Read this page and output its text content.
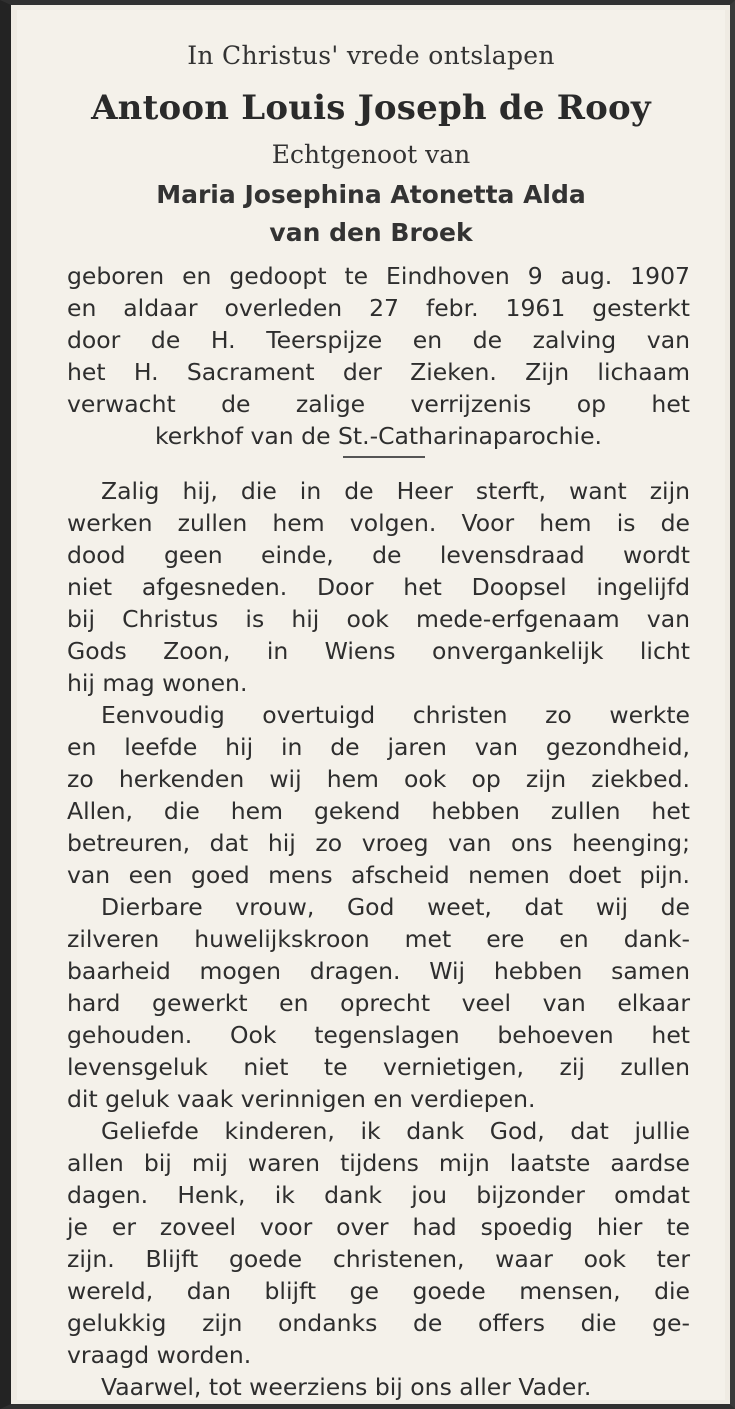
In Christus' vrede ontslapen
Antoon Louis Joseph de Rooy
Echtgenoot van
Maria Josephina Atonetta Alda
van den Broek
geboren en gedoopt te Eindhoven 9 aug. 1907
en aldaar overleden 27 febr. 1961 gesterkt
door de H. Teerspijze en de zalving van
het H. Sacrament der Zieken. Zijn lichaam
verwacht de zalige verrijzenis op het
kerkhof van de St.-Catharinaparochie.
Zalig hij, die in de Heer sterft, want zijn
werken zullen hem volgen. Voor hem is de
dood geen einde, de levensdraad wordt
niet afgesneden. Door het Doopsel ingelijfd
bij Christus is hij ook mede-erfgenaam van
Gods Zoon, in Wiens onvergankelijk licht
hij mag wonen.
Eenvoudig overtuigd christen zo werkte
en leefde hij in de jaren van gezondheid,
zo herkenden wij hem ook op zijn ziekbed.
Allen, die hem gekend hebben zullen het
betreuren, dat hij zo vroeg van ons heenging;
van een goed mens afscheid nemen doet pijn.
Dierbare vrouw, God weet, dat wij de
zilveren huwelijkskroon met ere en dank-
baarheid mogen dragen. Wij hebben samen
hard gewerkt en oprecht veel van elkaar
gehouden. Ook tegenslagen behoeven het
levensgeluk niet te vernietigen, zij zullen
dit geluk vaak verinnigen en verdiepen.
Geliefde kinderen, ik dank God, dat jullie
allen bij mij waren tijdens mijn laatste aardse
dagen. Henk, ik dank jou bijzonder omdat
je er zoveel voor over had spoedig hier te
zijn. Blijft goede christenen, waar ook ter
wereld, dan blijft ge goede mensen, die
gelukkig zijn ondanks de offers die ge-
vraagd worden.
Vaarwel, tot weerziens bij ons aller Vader.
